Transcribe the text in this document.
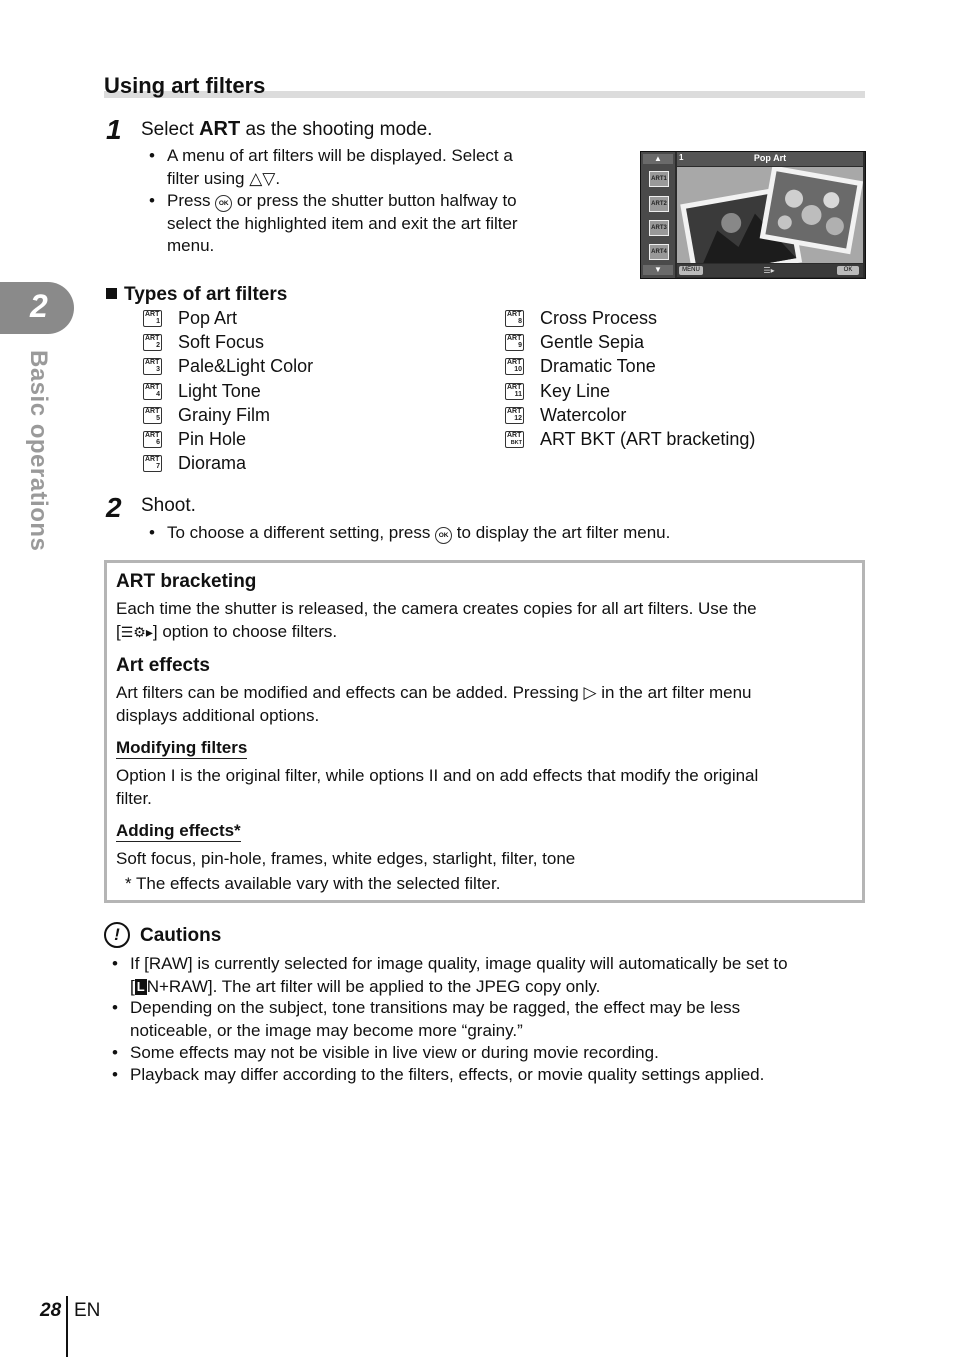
2
Basic operations
Using art filters
1 Select ART as the shooting mode.
• A menu of art filters will be displayed. Select a
filter using △▽.
• Press OK or press the shutter button halfway to
select the highlighted item and exit the art filter
menu.
▲
ART1
ART2
ART3
ART4
▼
Pop Art
1
MENU	☰▸	OK
Types of art filters
ART
1 Pop Art
ART
2 Soft Focus
ART
3 Pale&Light Color
ART
4 Light Tone
ART
5 Grainy Film
ART
6 Pin Hole
ART
7 Diorama
ART
8 Cross Process
ART
9 Gentle Sepia
ART
10 Dramatic Tone
ART
11 Key Line
ART
12 Watercolor
ART
BKT ART BKT (ART bracketing)
2 Shoot.
• To choose a different setting, press OK to display the art filter menu.
ART bracketing
Each time the shutter is released, the camera creates copies for all art filters. Use the
[☰⚙▸] option to choose filters.
Art effects
Art filters can be modified and effects can be added. Pressing ▷ in the art filter menu
displays additional options.
Modifying filters
Option I is the original filter, while options II and on add effects that modify the original
filter.
Adding effects*
Soft focus, pin-hole, frames, white edges, starlight, filter, tone
* The effects available vary with the selected filter.
!	Cautions
• If [RAW] is currently selected for image quality, image quality will automatically be set to
[ L N+RAW]. The art filter will be applied to the JPEG copy only.
• Depending on the subject, tone transitions may be ragged, the effect may be less
noticeable, or the image may become more “grainy.”
• Some effects may not be visible in live view or during movie recording.
• Playback may differ according to the filters, effects, or movie quality settings applied.
28 EN
